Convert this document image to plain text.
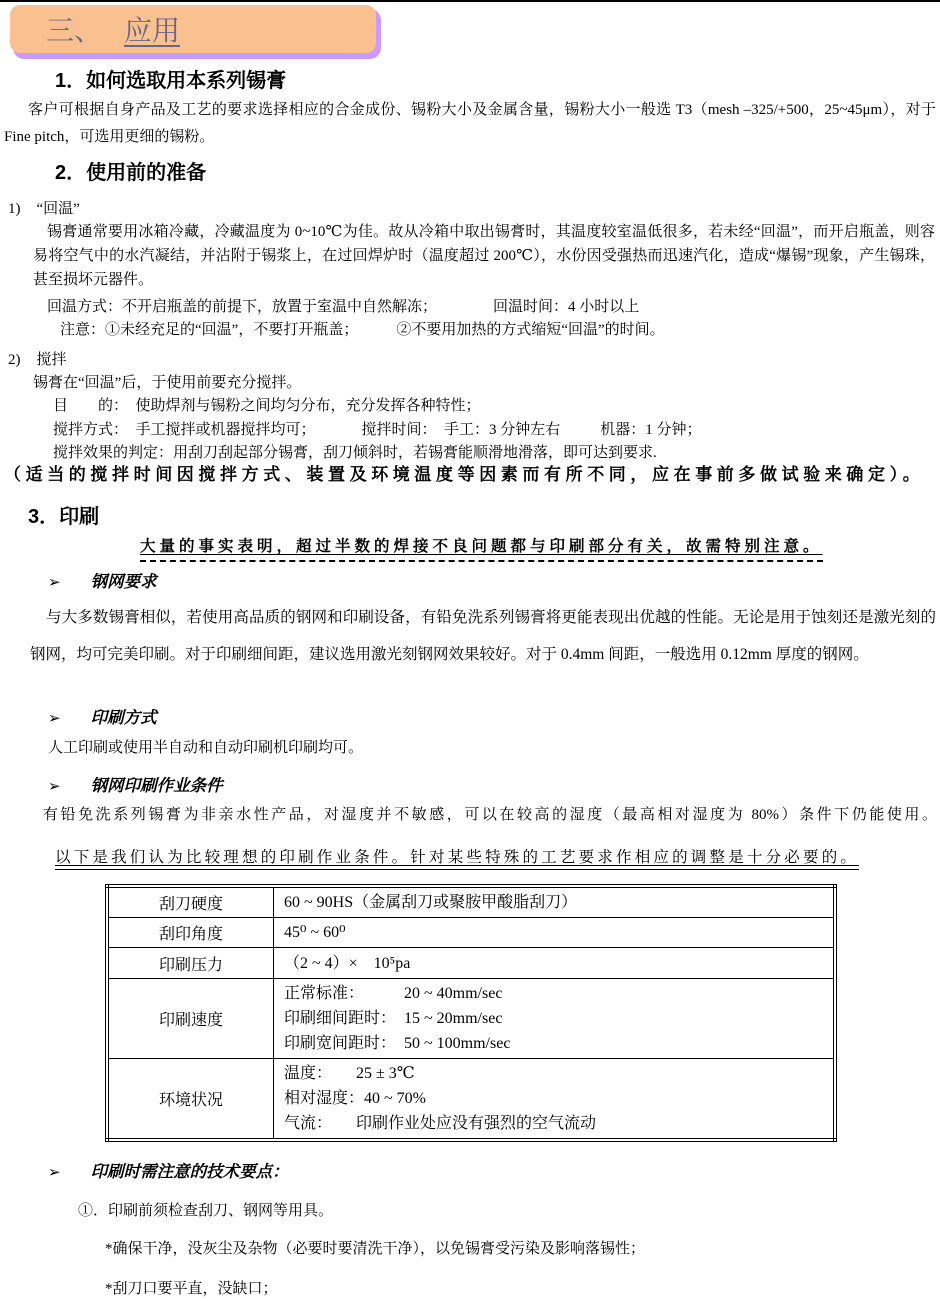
三、 应用
1．如何选取用本系列锡膏

客户可根据自身产品及工艺的要求选择相应的合金成份、锡粉大小及金属含量，锡粉大小一般选 T3（mesh –325/+500，25~45μm），对于 Fine pitch，可选用更细的锡粉。

2．使用前的准备
1) “回温”

锡膏通常要用冰箱冷藏，冷藏温度为 0~10℃为佳。故从冷箱中取出锡膏时，其温度较室温低很多，若未经“回温”，而开启瓶盖，则容易将空气中的水汽凝结，并沾附于锡浆上，在过回焊炉时（温度超过 200℃），水份因受强热而迅速汽化，造成“爆锡”现象，产生锡珠，甚至损坏元器件。

回温方式：不开启瓶盖的前提下，放置于室温中自然解冻；	回温时间：4 小时以上
注意：①未经充足的“回温”，不要打开瓶盖；	②不要用加热的方式缩短“回温”的时间。
2) 搅拌
锡膏在“回温”后，于使用前要充分搅拌。
目　　的：　使助焊剂与锡粉之间均匀分布，充分发挥各种特性；
搅拌方式：　手工搅拌或机器搅拌均可；	搅拌时间：　手工：3 分钟左右	机器：1 分钟；
搅拌效果的判定：用刮刀刮起部分锡膏，刮刀倾斜时，若锡膏能顺滑地滑落，即可达到要求.
（适当的搅拌时间因搅拌方式、装置及环境温度等因素而有所不同，应在事前多做试验来确定）。
3．印刷
大量的事实表明，超过半数的焊接不良问题都与印刷部分有关，故需特别注意。
➢ 钢网要求

与大多数锡膏相似，若使用高品质的钢网和印刷设备，有铅免洗系列锡膏将更能表现出优越的性能。无论是用于蚀刻还是激光刻的钢网，均可完美印刷。对于印刷细间距，建议选用激光刻钢网效果较好。对于 0.4mm 间距，一般选用 0.12mm 厚度的钢网。

➢ 印刷方式

人工印刷或使用半自动和自动印刷机印刷均可。

➢ 钢网印刷作业条件

有铅免洗系列锡膏为非亲水性产品，对湿度并不敏感，可以在较高的湿度（最高相对湿度为 80%）条件下仍能使用。

以下是我们认为比较理想的印刷作业条件。针对某些特殊的工艺要求作相应的调整是十分必要的。

刮刀硬度	60 ~ 90HS（金属刮刀或聚胺甲酸脂刮刀）

刮印角度	45⁰ ~ 60⁰

印刷压力	（2 ~ 4）×　10⁵pa

印刷速度	正常标准：　　　20 ~ 40mm/sec
印刷细间距时：　15 ~ 20mm/sec
印刷宽间距时：　50 ~ 100mm/sec

环境状况	温度：　　25 ± 3℃
相对湿度：40 ~ 70%
气流：　　印刷作业处应没有强烈的空气流动
➢ 印刷时需注意的技术要点：
①．印刷前须检查刮刀、钢网等用具。
*确保干净，没灰尘及杂物（必要时要清洗干净），以免锡膏受污染及影响落锡性；
*刮刀口要平直，没缺口；
